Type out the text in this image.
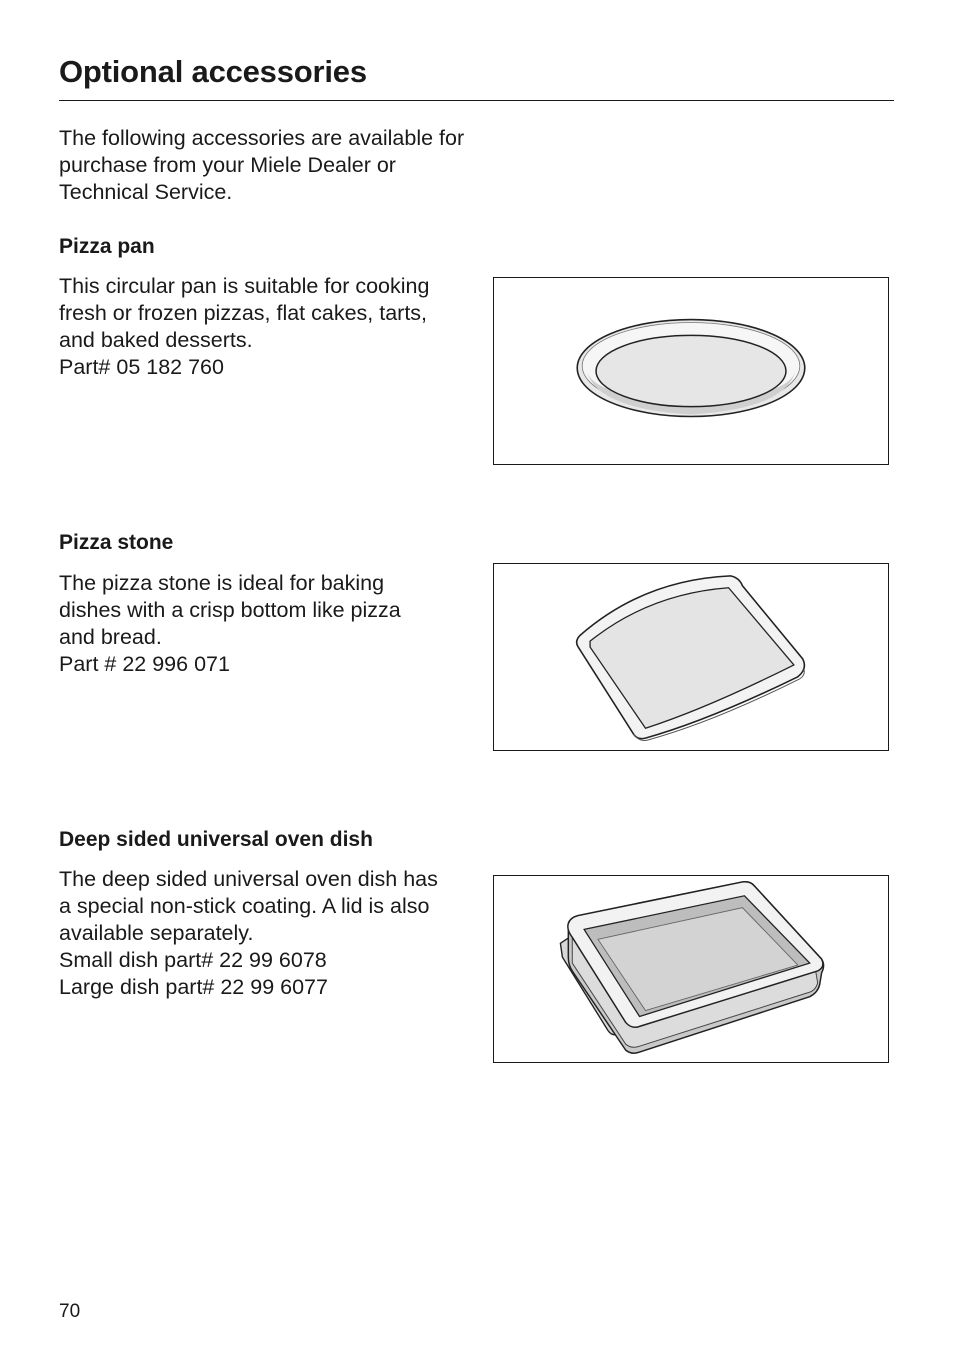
Optional accessories

The following accessories are available for purchase from your Miele Dealer or Technical Service.

Pizza pan
This circular pan is suitable for cooking
fresh or frozen pizzas, flat cakes, tarts,
and baked desserts.
Part# 05 182 760
Pizza stone
The pizza stone is ideal for baking
dishes with a crisp bottom like pizza
and bread.
Part # 22 996 071
Deep sided universal oven dish
The deep sided universal oven dish has
a special non-stick coating. A lid is also
available separately.
Small dish part# 22 99 6078
Large dish part# 22 99 6077
70
